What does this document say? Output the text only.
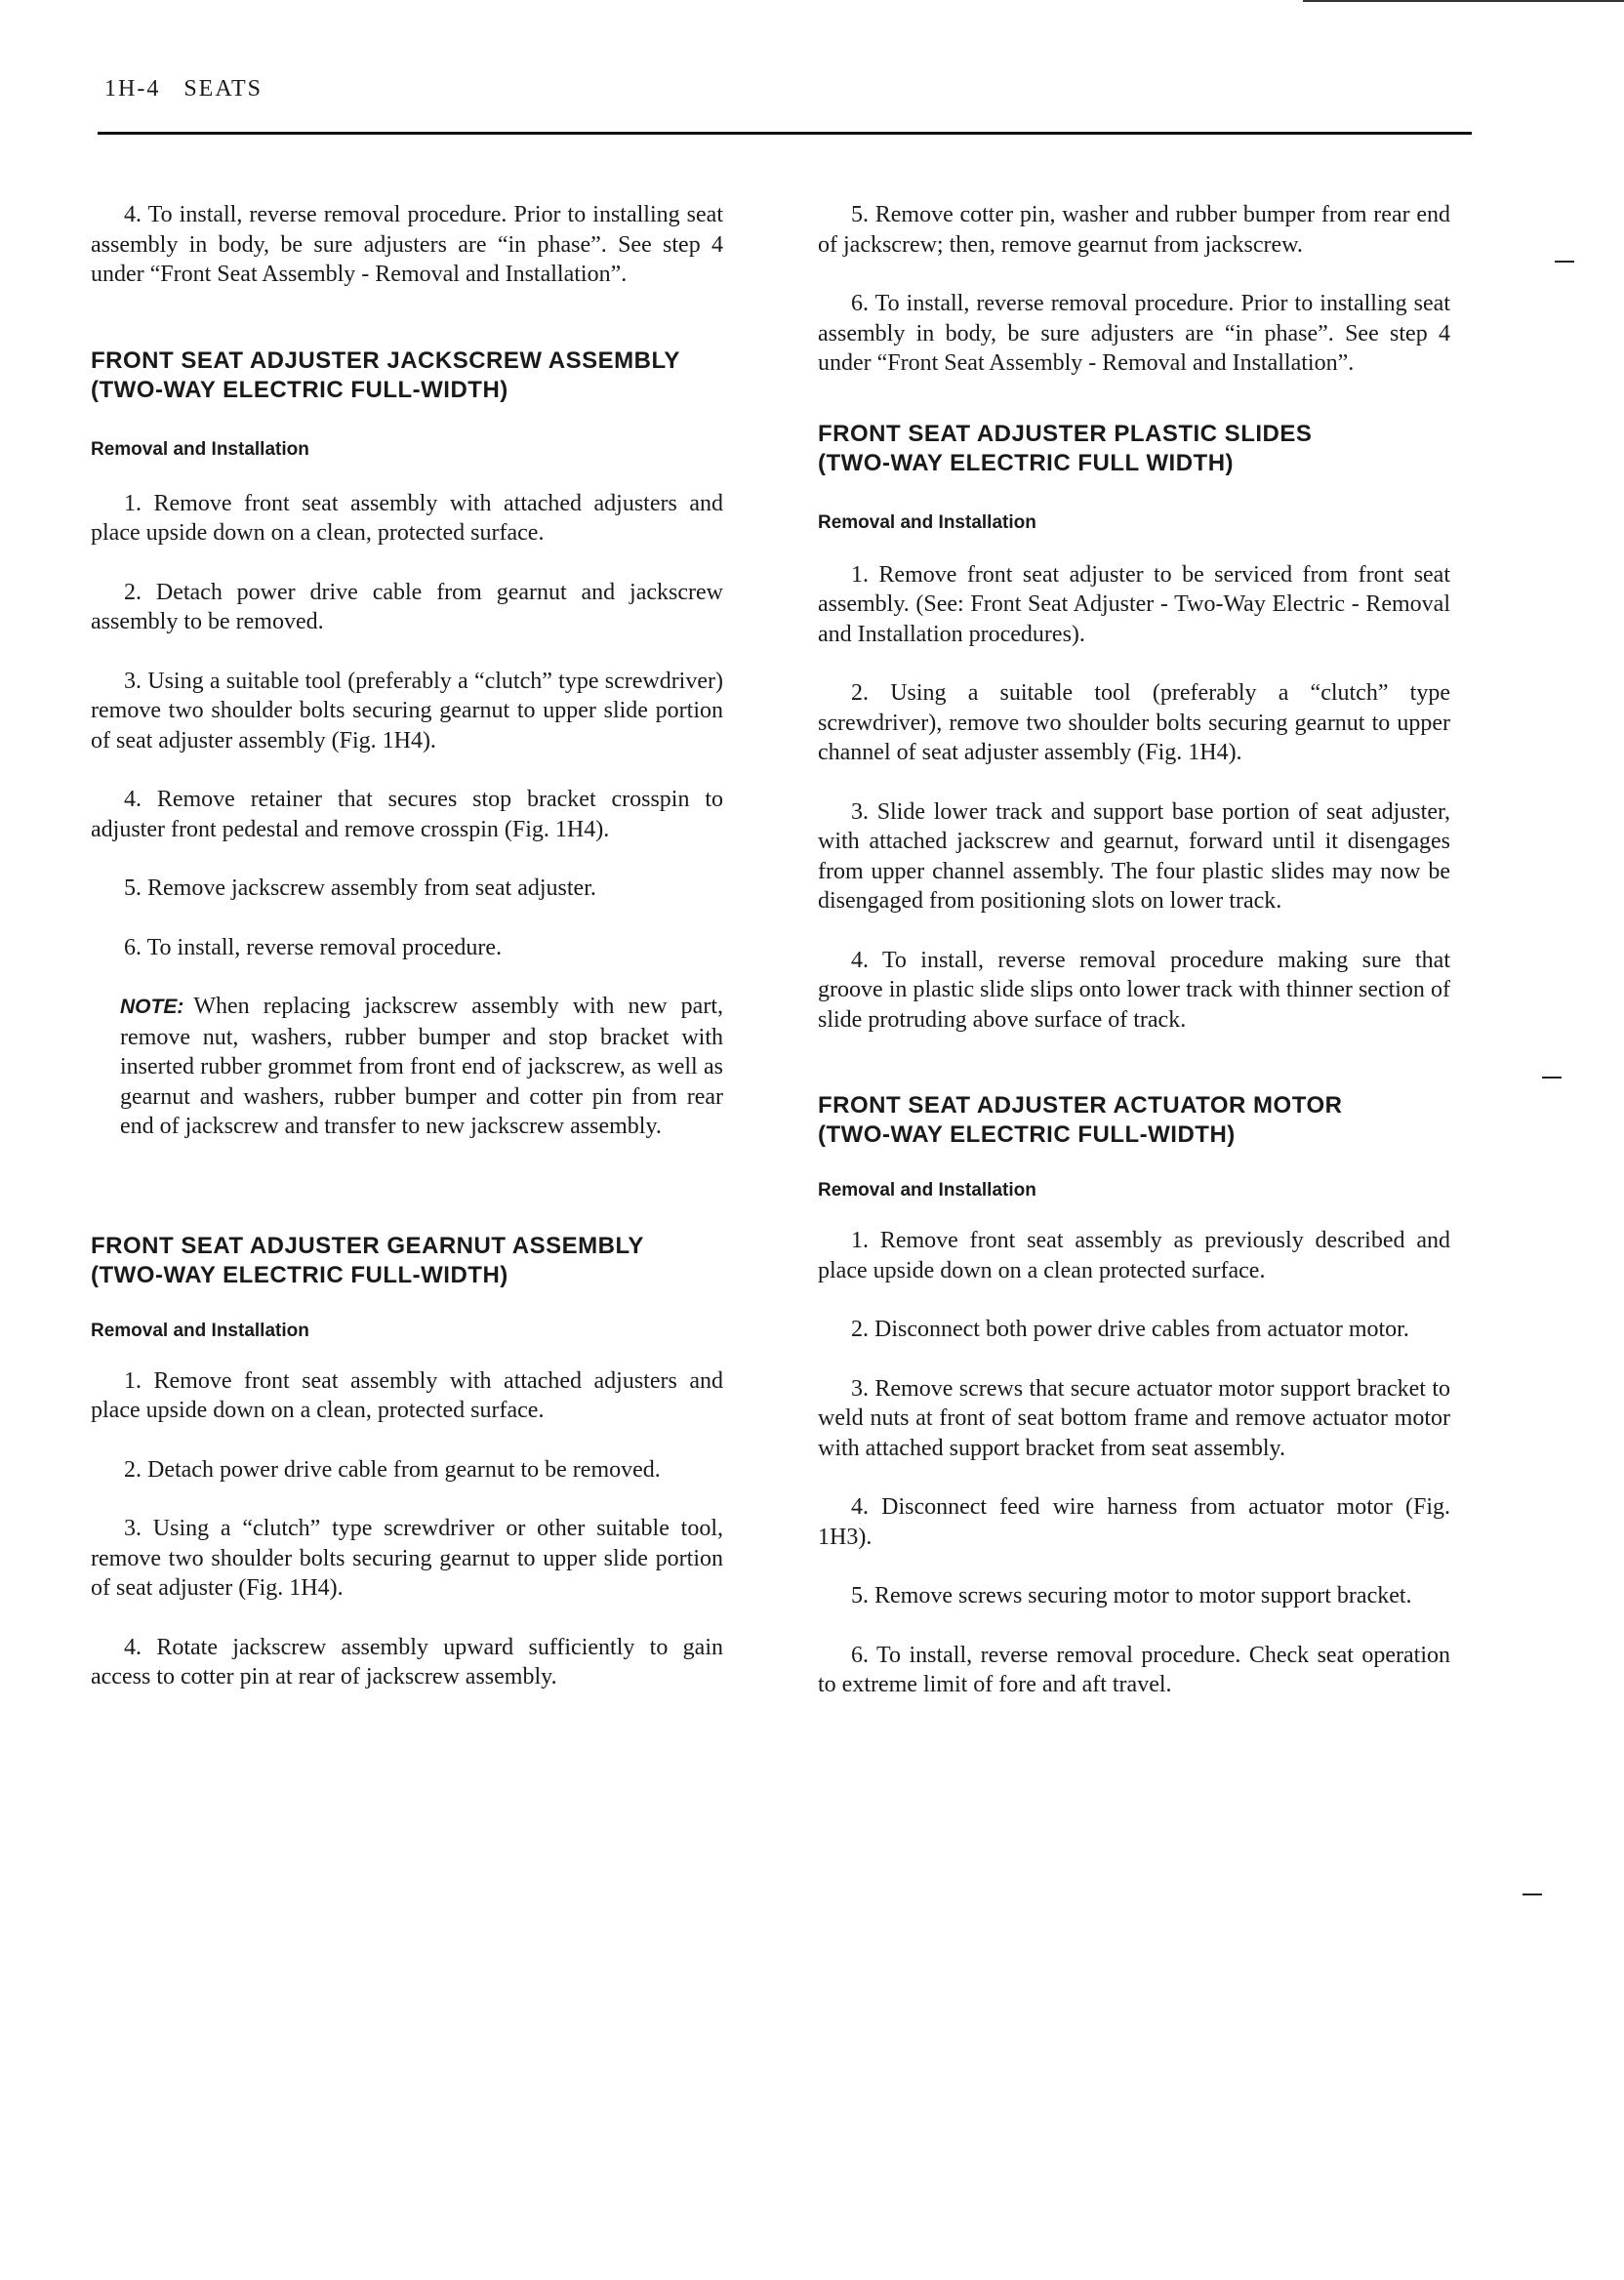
1H-4   SEATS

4. To install, reverse removal procedure. Prior to installing seat assembly in body, be sure adjusters are “in phase”. See step 4 under “Front Seat Assembly - Removal and Installation”.

FRONT SEAT ADJUSTER JACKSCREW ASSEMBLY
(TWO-WAY ELECTRIC FULL-WIDTH)

Removal and Installation

1. Remove front seat assembly with attached adjusters and place upside down on a clean, protected surface.

2. Detach power drive cable from gearnut and jackscrew assembly to be removed.

3. Using a suitable tool (preferably a “clutch” type screwdriver) remove two shoulder bolts securing gearnut to upper slide portion of seat adjuster assembly (Fig. 1H4).

4. Remove retainer that secures stop bracket crosspin to adjuster front pedestal and remove crosspin (Fig. 1H4).

5. Remove jackscrew assembly from seat adjuster.

6. To install, reverse removal procedure.

NOTE: When replacing jackscrew assembly with new part, remove nut, washers, rubber bumper and stop bracket with inserted rubber grommet from front end of jackscrew, as well as gearnut and washers, rubber bumper and cotter pin from rear end of jackscrew and transfer to new jackscrew assembly.

FRONT SEAT ADJUSTER GEARNUT ASSEMBLY
(TWO-WAY ELECTRIC FULL-WIDTH)

Removal and Installation

1. Remove front seat assembly with attached adjusters and place upside down on a clean, protected surface.

2. Detach power drive cable from gearnut to be removed.

3. Using a “clutch” type screwdriver or other suitable tool, remove two shoulder bolts securing gearnut to upper slide portion of seat adjuster (Fig. 1H4).

4. Rotate jackscrew assembly upward sufficiently to gain access to cotter pin at rear of jackscrew assembly.

5. Remove cotter pin, washer and rubber bumper from rear end of jackscrew; then, remove gearnut from jackscrew.

6. To install, reverse removal procedure. Prior to installing seat assembly in body, be sure adjusters are “in phase”. See step 4 under “Front Seat Assembly - Removal and Installation”.

FRONT SEAT ADJUSTER PLASTIC SLIDES
(TWO-WAY ELECTRIC FULL WIDTH)

Removal and Installation

1. Remove front seat adjuster to be serviced from front seat assembly. (See: Front Seat Adjuster - Two-Way Electric - Removal and Installation procedures).

2. Using a suitable tool (preferably a “clutch” type screwdriver), remove two shoulder bolts securing gearnut to upper channel of seat adjuster assembly (Fig. 1H4).

3. Slide lower track and support base portion of seat adjuster, with attached jackscrew and gearnut, forward until it disengages from upper channel assembly. The four plastic slides may now be disengaged from positioning slots on lower track.

4. To install, reverse removal procedure making sure that groove in plastic slide slips onto lower track with thinner section of slide protruding above surface of track.

FRONT SEAT ADJUSTER ACTUATOR MOTOR
(TWO-WAY ELECTRIC FULL-WIDTH)

Removal and Installation

1. Remove front seat assembly as previously described and place upside down on a clean protected surface.

2. Disconnect both power drive cables from actuator motor.

3. Remove screws that secure actuator motor support bracket to weld nuts at front of seat bottom frame and remove actuator motor with attached support bracket from seat assembly.

4. Disconnect feed wire harness from actuator motor (Fig. 1H3).

5. Remove screws securing motor to motor support bracket.

6. To install, reverse removal procedure. Check seat operation to extreme limit of fore and aft travel.
